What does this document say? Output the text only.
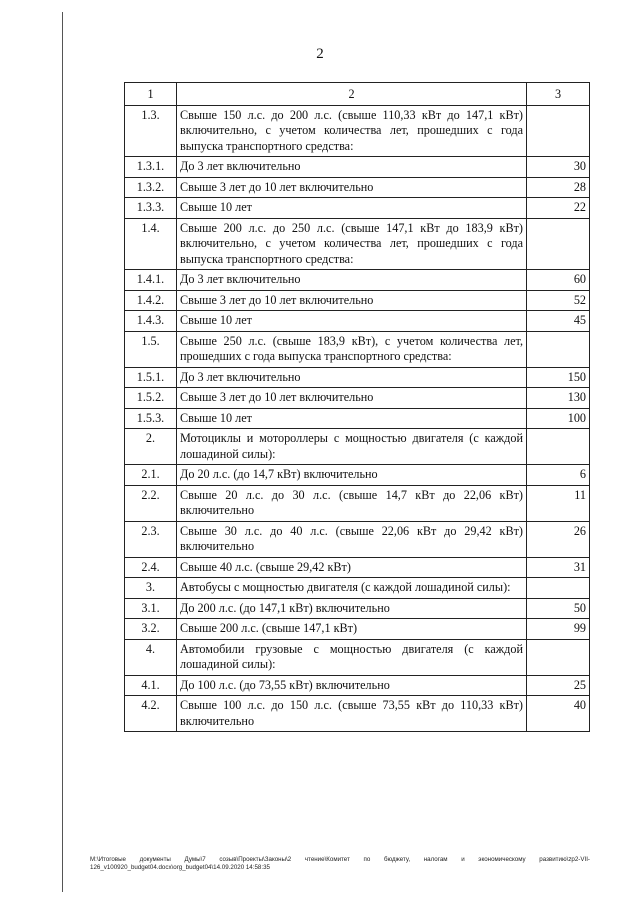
2
1	2	3
1.3.	Свыше 150 л.с. до 200 л.с. (свыше 110,33 кВт до 147,1 кВт) включительно, с учетом количества лет, прошедших с года выпуска транспортного средства:	
1.3.1.	До 3 лет включительно	30
1.3.2.	Свыше 3 лет до 10 лет включительно	28
1.3.3.	Свыше 10 лет	22
1.4.	Свыше 200 л.с. до 250 л.с. (свыше 147,1 кВт до 183,9 кВт) включительно, с учетом количества лет, прошедших с года выпуска транспортного средства:	
1.4.1.	До 3 лет включительно	60
1.4.2.	Свыше 3 лет до 10 лет включительно	52
1.4.3.	Свыше 10 лет	45
1.5.	Свыше 250 л.с. (свыше 183,9 кВт), с учетом количества лет, прошедших с года выпуска транспортного средства:	
1.5.1.	До 3 лет включительно	150
1.5.2.	Свыше 3 лет до 10 лет включительно	130
1.5.3.	Свыше 10 лет	100
2.	Мотоциклы и мотороллеры с мощностью двигателя (с каждой лошадиной силы):	
2.1.	До 20 л.с. (до 14,7 кВт) включительно	6
2.2.	Свыше 20 л.с. до 30 л.с. (свыше 14,7 кВт до 22,06 кВт) включительно	11
2.3.	Свыше 30 л.с. до 40 л.с. (свыше 22,06 кВт до 29,42 кВт) включительно	26
2.4.	Свыше 40 л.с. (свыше 29,42 кВт)	31
3.	Автобусы с мощностью двигателя (с каждой лошадиной силы):	
3.1.	До 200 л.с. (до 147,1 кВт) включительно	50
3.2.	Свыше 200 л.с. (свыше 147,1 кВт)	99
4.	Автомобили грузовые с мощностью двигателя (с каждой лошадиной силы):	
4.1.	До 100 л.с. (до 73,55 кВт) включительно	25
4.2.	Свыше 100 л.с. до 150 л.с. (свыше 73,55 кВт до 110,33 кВт) включительно	40
М:\Итоговые документы Думы\7 созыв\Проекты\Законы\2 чтение\Комитет по бюджету, налогам и экономическому развитию\zp2-VII-126_v100920_budget04.docx\org_budget04\14.09.2020 14:58:35
